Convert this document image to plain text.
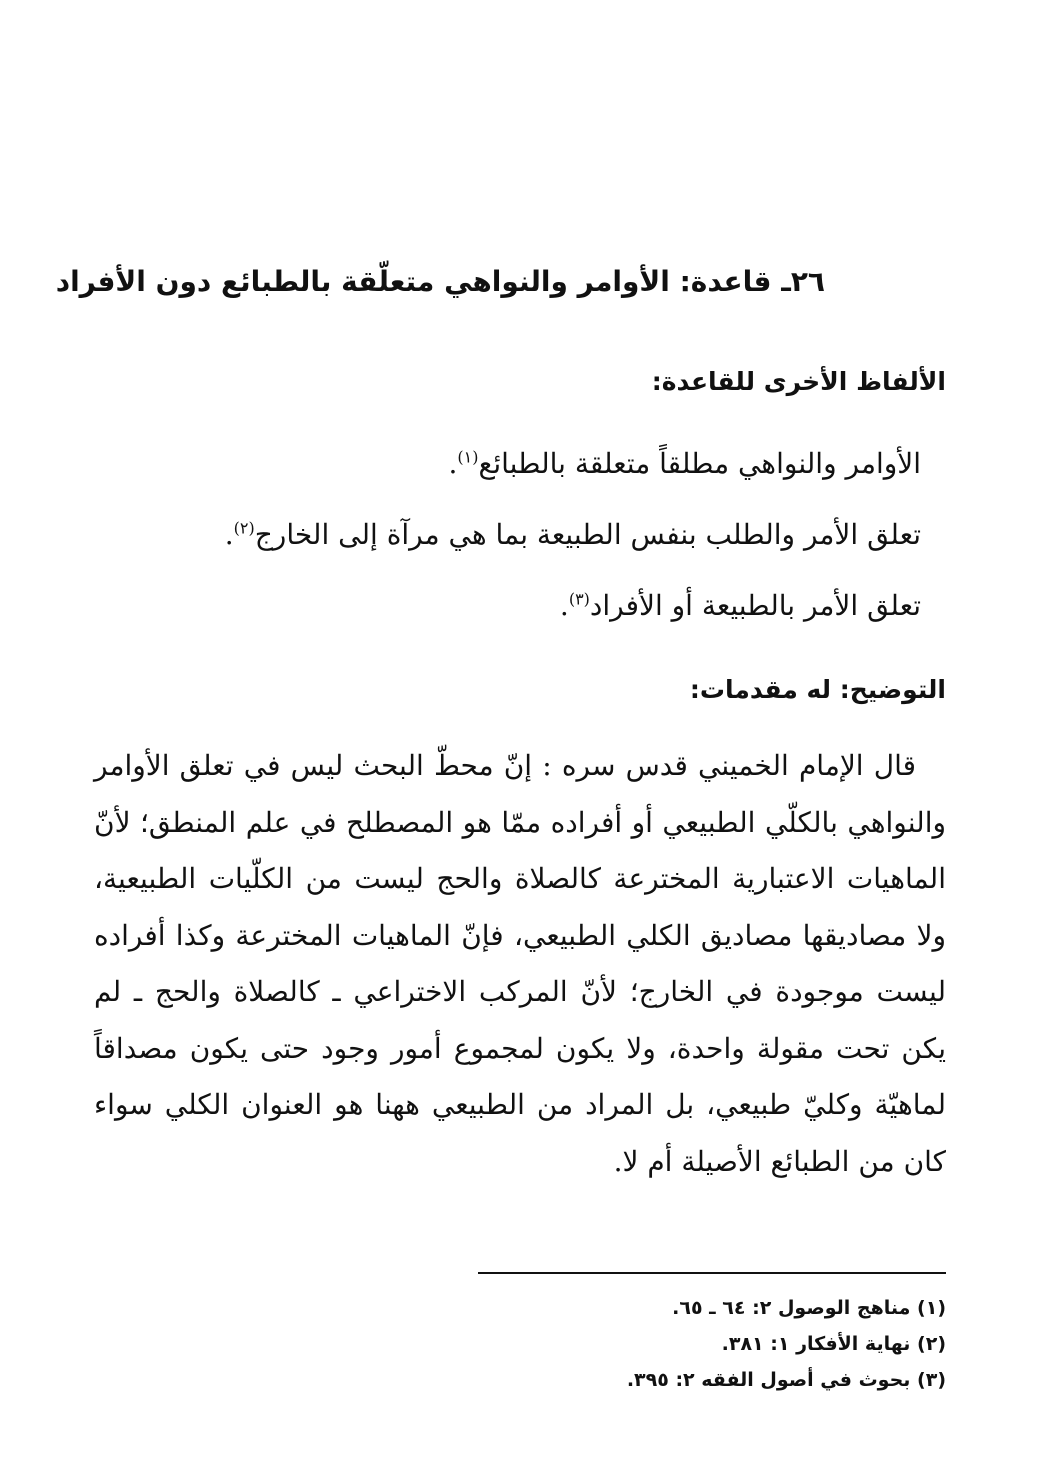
٢٦ـ قاعدة: الأوامر والنواهي متعلّقة بالطبائع دون الأفراد
الألفاظ الأخرى للقاعدة:
الأوامر والنواهي مطلقاً متعلقة بالطبائع$^{(١)}$.
تعلق الأمر والطلب بنفس الطبيعة بما هي مرآة إلى الخارج$^{(٢)}$.
تعلق الأمر بالطبيعة أو الأفراد$^{(٣)}$.
التوضيح: له مقدمات:

قال الإمام الخميني قدس سره : إنّ محطّ البحث ليس في تعلق الأوامر والنواهي بالكلّي الطبيعي أو أفراده ممّا هو المصطلح في علم المنطق؛ لأنّ الماهيات الاعتبارية المخترعة كالصلاة والحج ليست من الكلّيات الطبيعية، ولا مصاديقها مصاديق الكلي الطبيعي، فإنّ الماهيات المخترعة وكذا أفراده ليست موجودة في الخارج؛ لأنّ المركب الاختراعي ـ كالصلاة والحج ـ لم يكن تحت مقولة واحدة، ولا يكون لمجموع أمور وجود حتى يكون مصداقاً لماهيّة وكليّ طبيعي، بل المراد من الطبيعي ههنا هو العنوان الكلي سواء كان من الطبائع الأصيلة أم لا.

(١) مناهج الوصول ٢: ٦٤ ـ ٦٥.
(٢) نهاية الأفكار ١: ٣٨١.
(٣) بحوث في أصول الفقه ٢: ٣٩٥.
